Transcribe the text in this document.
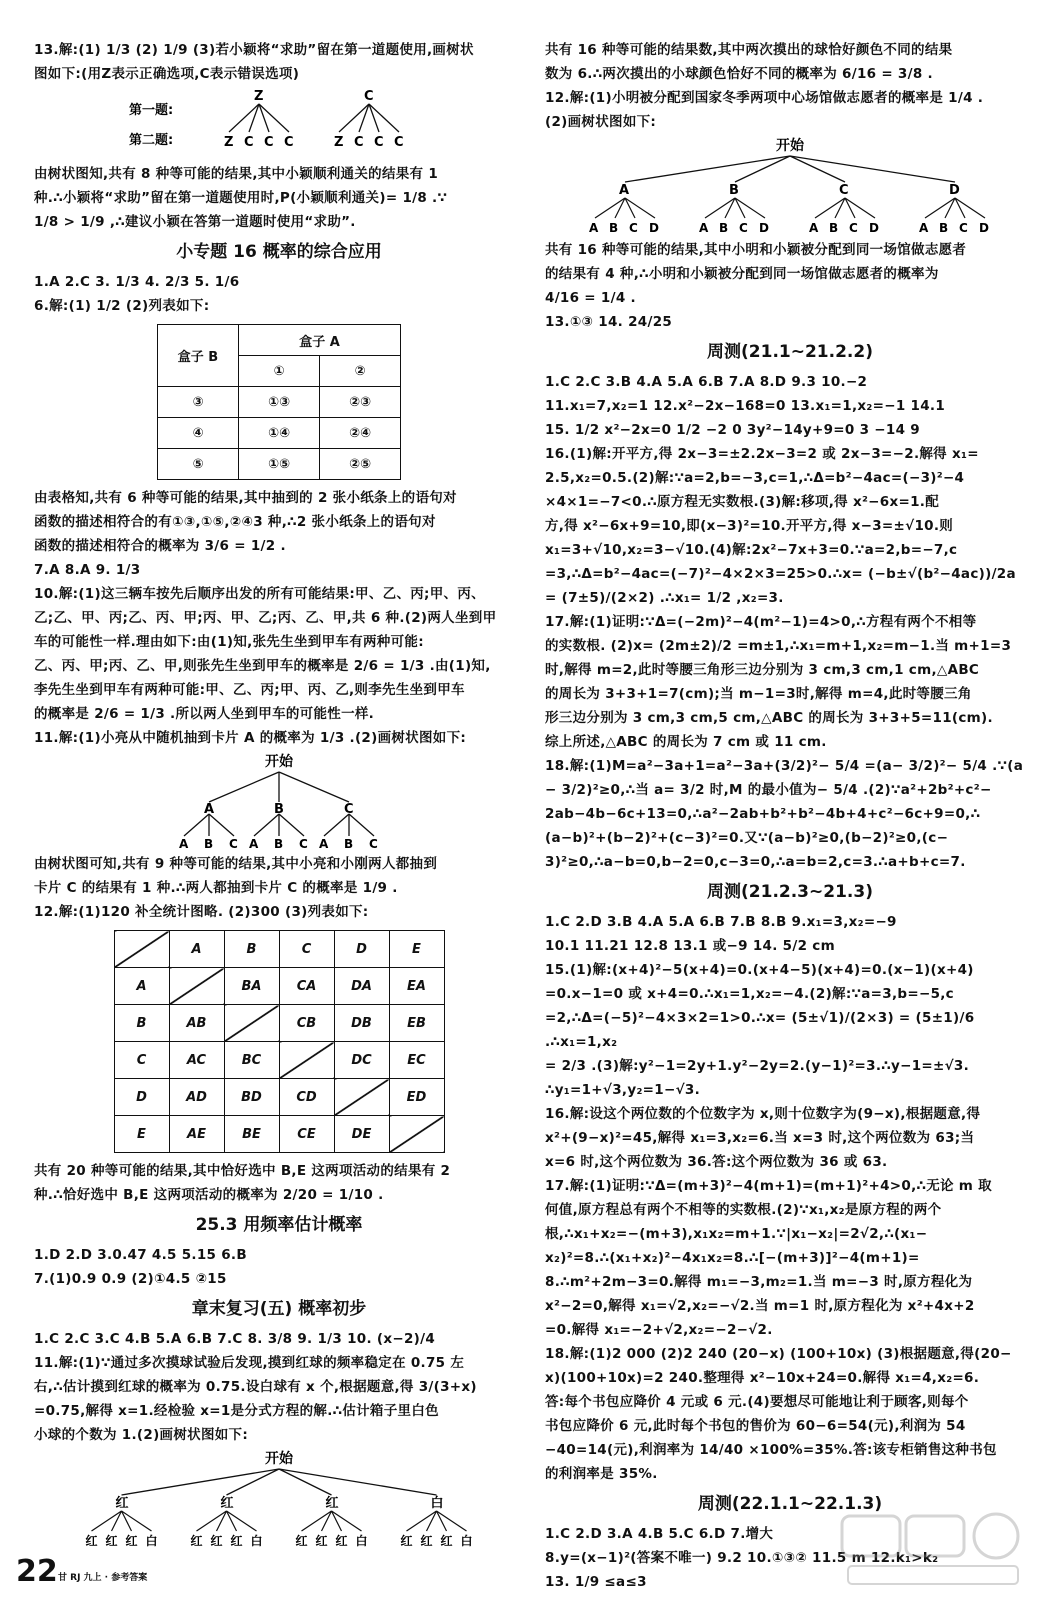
13.解:(1) 1/3 (2) 1/9 (3)若小颖将“求助”留在第一道题使用,画树状

图如下:(用Z表示正确选项,C表示错误选项)

第一题:
第二题:
Z	C
Z C C C	Z C C C

由树状图知,共有 8 种等可能的结果,其中小颖顺利通关的结果有 1

种.∴小颖将“求助”留在第一道题使用时,P(小颖顺利通关)= 1/8 .∵

1/8 > 1/9 ,∴建议小颖在答第一道题时使用“求助”.

小专题 16 概率的综合应用

1.A 2.C 3. 1/3 4. 2/3 5. 1/6

6.解:(1) 1/2 (2)列表如下:

盒子 B	盒子 A	
	①	②
③	①③	②③
④	①④	②④
⑤	①⑤	②⑤

由表格知,共有 6 种等可能的结果,其中抽到的 2 张小纸条上的语句对

函数的描述相符合的有①③,①⑤,②④3 种,∴2 张小纸条上的语句对

函数的描述相符合的概率为 3/6 = 1/2 .

7.A 8.A 9. 1/3

10.解:(1)这三辆车按先后顺序出发的所有可能结果:甲、乙、丙;甲、丙、

乙;乙、甲、丙;乙、丙、甲;丙、甲、乙;丙、乙、甲,共 6 种.(2)两人坐到甲

车的可能性一样.理由如下:由(1)知,张先生坐到甲车有两种可能:

乙、丙、甲;丙、乙、甲,则张先生坐到甲车的概率是 2/6 = 1/3 .由(1)知,

李先生坐到甲车有两种可能:甲、乙、丙;甲、丙、乙,则李先生坐到甲车

的概率是 2/6 = 1/3 .所以两人坐到甲车的可能性一样.

11.解:(1)小亮从中随机抽到卡片 A 的概率为 1/3 .(2)画树状图如下:

开始
A	B	C
A B C A B C A B C

由树状图可知,共有 9 种等可能的结果,其中小亮和小刚两人都抽到

卡片 C 的结果有 1 种.∴两人都抽到卡片 C 的概率是 1/9 .

12.解:(1)120 补全统计图略. (2)300 (3)列表如下:

	A	B	C	D	E
A		BA	CA	DA	EA
B	AB		CB	DB	EB
C	AC	BC		DC	EC
D	AD	BD	CD		ED
E	AE	BE	CE	DE	

共有 20 种等可能的结果,其中恰好选中 B,E 这两项活动的结果有 2

种.∴恰好选中 B,E 这两项活动的概率为 2/20 = 1/10 .

25.3 用频率估计概率

1.D 2.D 3.0.47 4.5 5.15 6.B

7.(1)0.9 0.9 (2)①4.5 ②15

章末复习(五) 概率初步

1.C 2.C 3.C 4.B 5.A 6.B 7.C 8. 3/8 9. 1/3 10. (x−2)/4

11.解:(1)∵通过多次摸球试验后发现,摸到红球的频率稳定在 0.75 左

右,∴估计摸到红球的概率为 0.75.设白球有 x 个,根据题意,得 3/(3+x)

=0.75,解得 x=1.经检验 x=1是分式方程的解.∴估计箱子里白色

小球的个数为 1.(2)画树状图如下:

开始
红
红 红 红 白
红
红 红 红 白
红
红 红 红 白
白
红 红 红 白

共有 16 种等可能的结果数,其中两次摸出的球恰好颜色不同的结果

数为 6.∴两次摸出的小球颜色恰好不同的概率为 6/16 = 3/8 .

12.解:(1)小明被分配到国家冬季两项中心场馆做志愿者的概率是 1/4 .

(2)画树状图如下:

开始
A
A B C D
B
A B C D
C
A B C D
D
A B C D

共有 16 种等可能的结果,其中小明和小颖被分配到同一场馆做志愿者

的结果有 4 种,∴小明和小颖被分配到同一场馆做志愿者的概率为

4/16 = 1/4 .

13.①③ 14. 24/25

周测(21.1~21.2.2)

1.C 2.C 3.B 4.A 5.A 6.B 7.A 8.D 9.3 10.−2

11.x₁=7,x₂=1 12.x²−2x−168=0 13.x₁=1,x₂=−1 14.1

15. 1/2 x²−2x=0 1/2 −2 0 3y²−14y+9=0 3 −14 9

16.(1)解:开平方,得 2x−3=±2.2x−3=2 或 2x−3=−2.解得 x₁=

2.5,x₂=0.5.(2)解:∵a=2,b=−3,c=1,∴Δ=b²−4ac=(−3)²−4

×4×1=−7<0.∴原方程无实数根.(3)解:移项,得 x²−6x=1.配

方,得 x²−6x+9=10,即(x−3)²=10.开平方,得 x−3=±√10.则

x₁=3+√10,x₂=3−√10.(4)解:2x²−7x+3=0.∵a=2,b=−7,c

=3,∴Δ=b²−4ac=(−7)²−4×2×3=25>0.∴x= (−b±√(b²−4ac))/2a

= (7±5)/(2×2) .∴x₁= 1/2 ,x₂=3.

17.解:(1)证明:∵Δ=(−2m)²−4(m²−1)=4>0,∴方程有两个不相等

的实数根. (2)x= (2m±2)/2 =m±1,∴x₁=m+1,x₂=m−1.当 m+1=3

时,解得 m=2,此时等腰三角形三边分别为 3 cm,3 cm,1 cm,△ABC

的周长为 3+3+1=7(cm);当 m−1=3时,解得 m=4,此时等腰三角

形三边分别为 3 cm,3 cm,5 cm,△ABC 的周长为 3+3+5=11(cm).

综上所述,△ABC 的周长为 7 cm 或 11 cm.

18.解:(1)M=a²−3a+1=a²−3a+(3/2)²− 5/4 =(a− 3/2)²− 5/4 .∵(a

− 3/2)²≥0,∴当 a= 3/2 时,M 的最小值为− 5/4 .(2)∵a²+2b²+c²−

2ab−4b−6c+13=0,∴a²−2ab+b²+b²−4b+4+c²−6c+9=0,∴

(a−b)²+(b−2)²+(c−3)²=0.又∵(a−b)²≥0,(b−2)²≥0,(c−

3)²≥0,∴a−b=0,b−2=0,c−3=0,∴a=b=2,c=3.∴a+b+c=7.

周测(21.2.3~21.3)

1.C 2.D 3.B 4.A 5.A 6.B 7.B 8.B 9.x₁=3,x₂=−9

10.1 11.21 12.8 13.1 或−9 14. 5/2 cm

15.(1)解:(x+4)²−5(x+4)=0.(x+4−5)(x+4)=0.(x−1)(x+4)

=0.x−1=0 或 x+4=0.∴x₁=1,x₂=−4.(2)解:∵a=3,b=−5,c

=2,∴Δ=(−5)²−4×3×2=1>0.∴x= (5±√1)/(2×3) = (5±1)/6 .∴x₁=1,x₂

= 2/3 .(3)解:y²−1=2y+1.y²−2y=2.(y−1)²=3.∴y−1=±√3.

∴y₁=1+√3,y₂=1−√3.

16.解:设这个两位数的个位数字为 x,则十位数字为(9−x),根据题意,得

x²+(9−x)²=45,解得 x₁=3,x₂=6.当 x=3 时,这个两位数为 63;当

x=6 时,这个两位数为 36.答:这个两位数为 36 或 63.

17.解:(1)证明:∵Δ=(m+3)²−4(m+1)=(m+1)²+4>0,∴无论 m 取

何值,原方程总有两个不相等的实数根.(2)∵x₁,x₂是原方程的两个

根,∴x₁+x₂=−(m+3),x₁x₂=m+1.∵|x₁−x₂|=2√2,∴(x₁−

x₂)²=8.∴(x₁+x₂)²−4x₁x₂=8.∴[−(m+3)]²−4(m+1)=

8.∴m²+2m−3=0.解得 m₁=−3,m₂=1.当 m=−3 时,原方程化为

x²−2=0,解得 x₁=√2,x₂=−√2.当 m=1 时,原方程化为 x²+4x+2

=0.解得 x₁=−2+√2,x₂=−2−√2.

18.解:(1)2 000 (2)2 240 (20−x) (100+10x) (3)根据题意,得(20−

x)(100+10x)=2 240.整理得 x²−10x+24=0.解得 x₁=4,x₂=6.

答:每个书包应降价 4 元或 6 元.(4)要想尽可能地让利于顾客,则每个

书包应降价 6 元,此时每个书包的售价为 60−6=54(元),利润为 54

−40=14(元),利润率为 14/40 ×100%=35%.答:该专柜销售这种书包

的利润率是 35%.

周测(22.1.1~22.1.3)

1.C 2.D 3.A 4.B 5.C 6.D 7.增大

8.y=(x−1)²(答案不唯一) 9.2 10.①③② 11.5 m 12.k₁>k₂

13. 1/9 ≤a≤3

22 甘 RJ 九上 · 参考答案
